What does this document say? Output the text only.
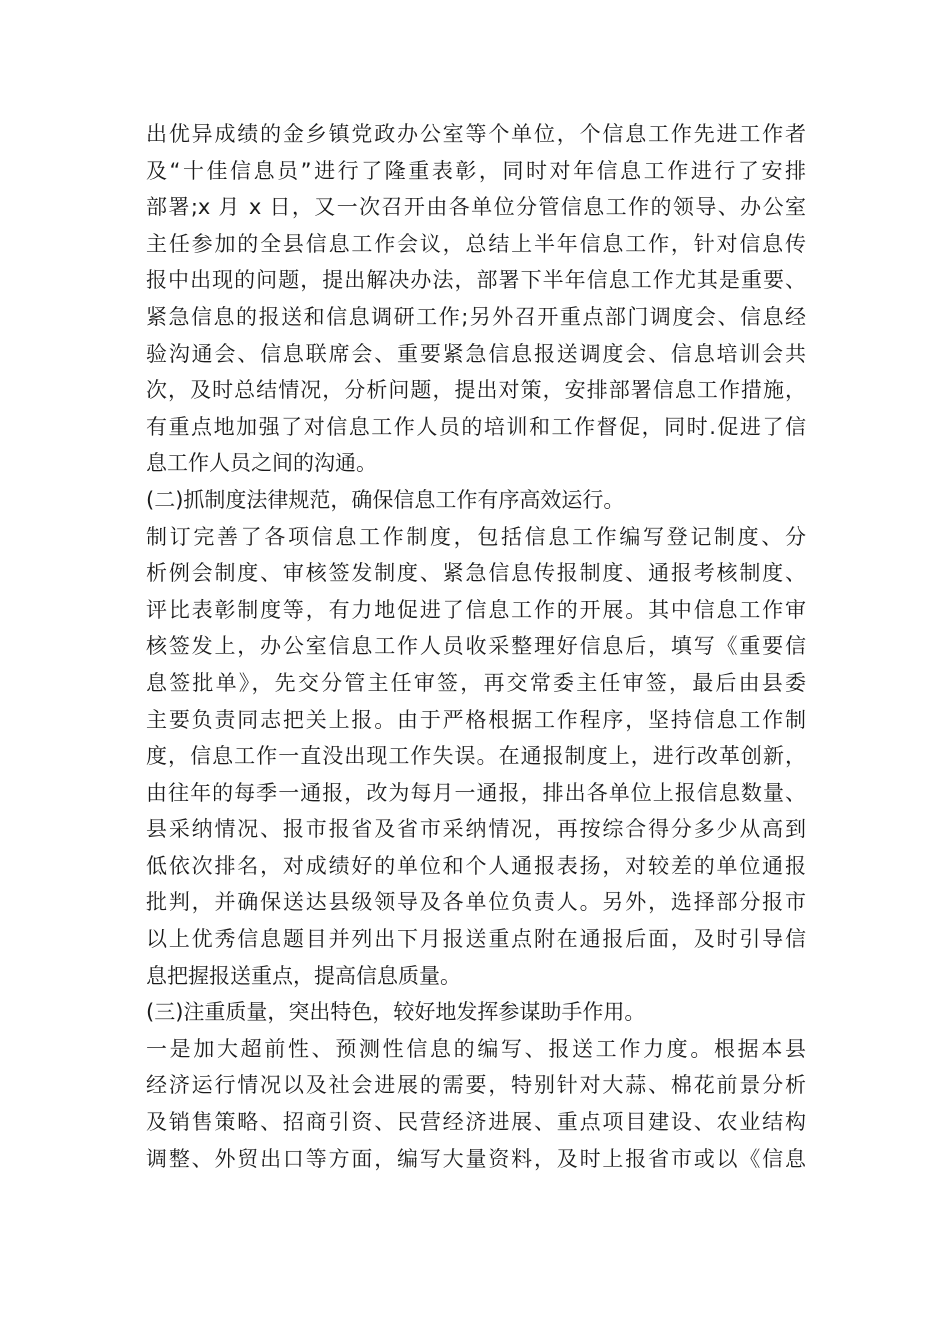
出优异成绩的金乡镇党政办公室等个单位，个信息工作先进工作者
及“十佳信息员”进行了隆重表彰，同时对年信息工作进行了安排
部署;x 月 x 日，又一次召开由各单位分管信息工作的领导、办公室
主任参加的全县信息工作会议，总结上半年信息工作，针对信息传
报中出现的问题，提出解决办法，部署下半年信息工作尤其是重要、
紧急信息的报送和信息调研工作;另外召开重点部门调度会、信息经
验沟通会、信息联席会、重要紧急信息报送调度会、信息培训会共
次，及时总结情况，分析问题，提出对策，安排部署信息工作措施，
有重点地加强了对信息工作人员的培训和工作督促，同时.促进了信
息工作人员之间的沟通。
(二)抓制度法律规范，确保信息工作有序高效运行。
制订完善了各项信息工作制度，包括信息工作编写登记制度、分
析例会制度、审核签发制度、紧急信息传报制度、通报考核制度、
评比表彰制度等，有力地促进了信息工作的开展。其中信息工作审
核签发上，办公室信息工作人员收采整理好信息后，填写《重要信
息签批单》，先交分管主任审签，再交常委主任审签，最后由县委
主要负责同志把关上报。由于严格根据工作程序，坚持信息工作制
度，信息工作一直没出现工作失误。在通报制度上，进行改革创新，
由往年的每季一通报，改为每月一通报，排出各单位上报信息数量、
县采纳情况、报市报省及省市采纳情况，再按综合得分多少从高到
低依次排名，对成绩好的单位和个人通报表扬，对较差的单位通报
批判，并确保送达县级领导及各单位负责人。另外，选择部分报市
以上优秀信息题目并列出下月报送重点附在通报后面，及时引导信
息把握报送重点，提高信息质量。
(三)注重质量，突出特色，较好地发挥参谋助手作用。
一是加大超前性、预测性信息的编写、报送工作力度。根据本县
经济运行情况以及社会进展的需要，特别针对大蒜、棉花前景分析
及销售策略、招商引资、民营经济进展、重点项目建设、农业结构
调整、外贸出口等方面，编写大量资料，及时上报省市或以《信息
